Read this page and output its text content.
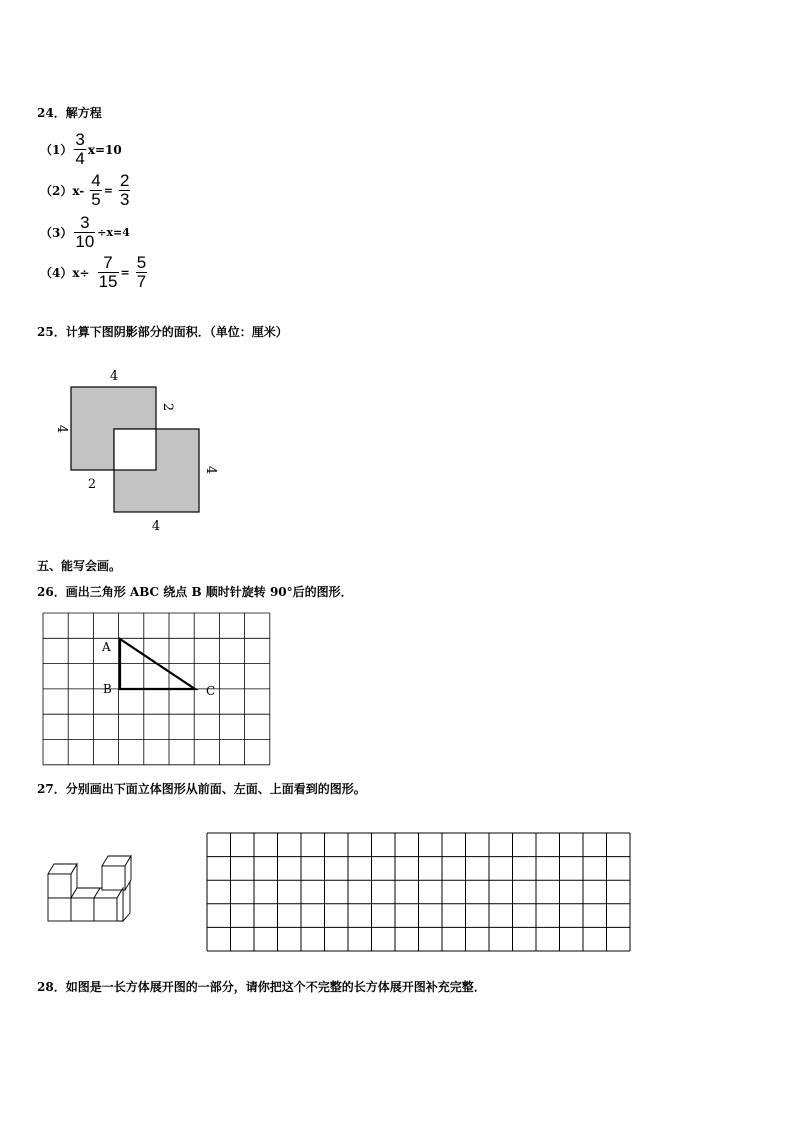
24．解方程
$(1) \frac{3}{4} x=10$
（2） $x- \frac{4}{5} = \frac{2}{3}$
$(3) \frac{3}{10} \div x=4$
（4） $x\div \frac{7}{15} = \frac{5}{7}$
25．计算下图阴影部分的面积．（单位：厘米）
4
4
2
4
2
4
五、能写会画。
26．画出三角形 ABC 绕点 B 顺时针旋转 90°后的图形．
A
B	C
27．分别画出下面立体图形从前面、左面、上面看到的图形。
28．如图是一长方体展开图的一部分，请你把这个不完整的长方体展开图补充完整．
